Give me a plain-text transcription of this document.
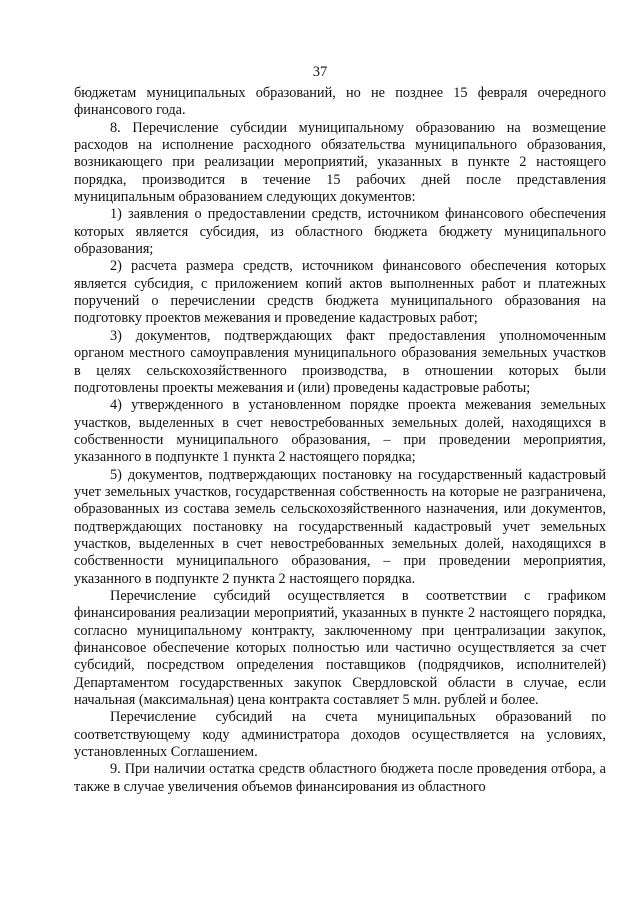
37

бюджетам муниципальных образований, но не позднее 15 февраля очередного финансового года.

8. Перечисление субсидии муниципальному образованию на возмещение расходов на исполнение расходного обязательства муниципального образования, возникающего при реализации мероприятий, указанных в пункте 2 настоящего порядка, производится в течение 15 рабочих дней после представления муниципальным образованием следующих документов:

1) заявления о предоставлении средств, источником финансового обеспечения которых является субсидия, из областного бюджета бюджету муниципального образования;

2) расчета размера средств, источником финансового обеспечения которых является субсидия, с приложением копий актов выполненных работ и платежных поручений о перечислении средств бюджета муниципального образования на подготовку проектов межевания и проведение кадастровых работ;

3) документов, подтверждающих факт предоставления уполномоченным органом местного самоуправления муниципального образования земельных участков в целях сельскохозяйственного производства, в отношении которых были подготовлены проекты межевания и (или) проведены кадастровые работы;

4) утвержденного в установленном порядке проекта межевания земельных участков, выделенных в счет невостребованных земельных долей, находящихся в собственности муниципального образования, – при проведении мероприятия, указанного в подпункте 1 пункта 2 настоящего порядка;

5) документов, подтверждающих постановку на государственный кадастровый учет земельных участков, государственная собственность на которые не разграничена, образованных из состава земель сельскохозяйственного назначения, или документов, подтверждающих постановку на государственный кадастровый учет земельных участков, выделенных в счет невостребованных земельных долей, находящихся в собственности муниципального образования, – при проведении мероприятия, указанного в подпункте 2 пункта 2 настоящего порядка.

Перечисление субсидий осуществляется в соответствии с графиком финансирования реализации мероприятий, указанных в пункте 2 настоящего порядка, согласно муниципальному контракту, заключенному при централизации закупок, финансовое обеспечение которых полностью или частично осуществляется за счет субсидий, посредством определения поставщиков (подрядчиков, исполнителей) Департаментом государственных закупок Свердловской области в случае, если начальная (максимальная) цена контракта составляет 5 млн. рублей и более.

Перечисление субсидий на счета муниципальных образований по соответствующему коду администратора доходов осуществляется на условиях, установленных Соглашением.

9. При наличии остатка средств областного бюджета после проведения отбора, а также в случае увеличения объемов финансирования из областного
